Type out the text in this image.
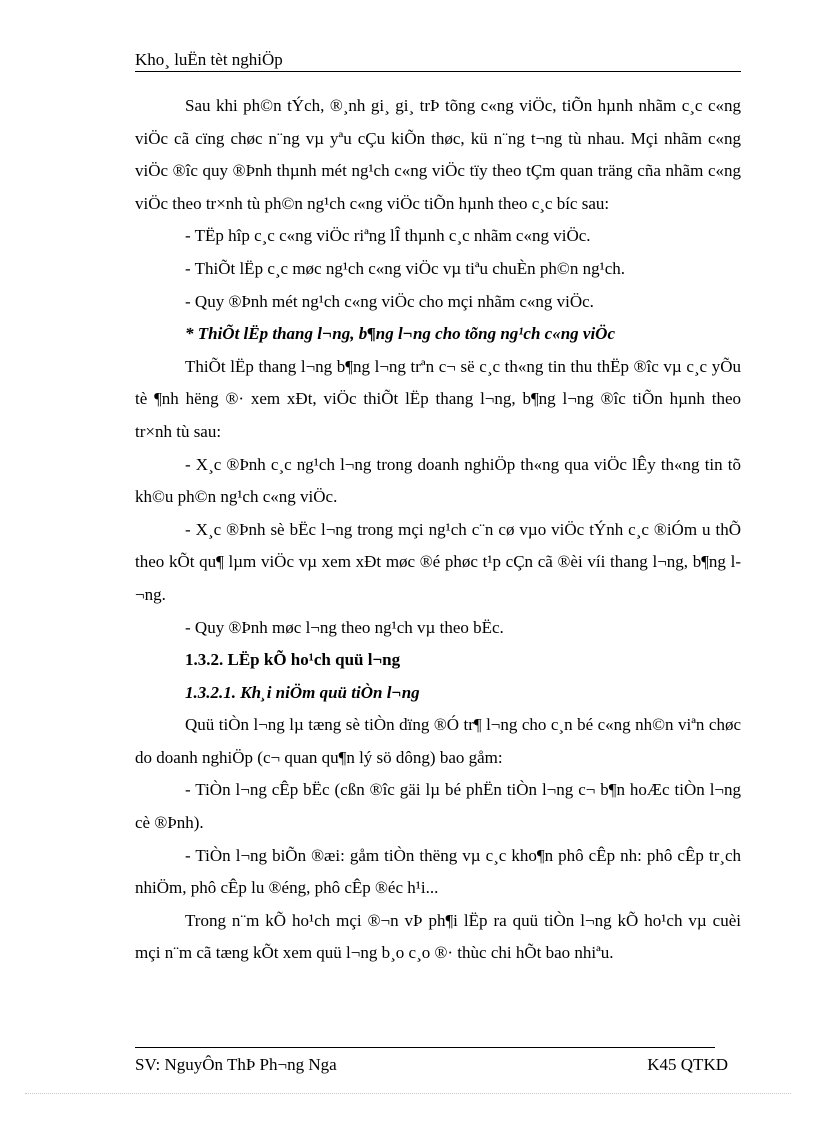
Kho¸ luËn tèt nghiÖp

Sau khi ph©n tÝch, ®¸nh gi¸ gi¸ trÞ tõng c«ng viÖc, tiÕn hµnh nhãm c¸c c«ng viÖc cã cïng chøc n¨ng vµ yªu cÇu kiÕn thøc, kü n¨ng t¬ng tù nhau. Mçi nhãm c«ng viÖc ®îc quy ®Þnh thµnh mét ng¹ch c«ng viÖc tïy theo tÇm quan träng cña nhãm c«ng viÖc theo tr×nh tù ph©n ng¹ch c«ng viÖc tiÕn hµnh theo c¸c bíc sau:

- TËp hîp c¸c c«ng viÖc riªng lÎ thµnh c¸c nhãm c«ng viÖc.

- ThiÕt lËp c¸c møc ng¹ch c«ng viÖc vµ tiªu chuÈn ph©n ng¹ch.

- Quy ®Þnh mét ng¹ch c«ng viÖc cho mçi nhãm c«ng viÖc.

* ThiÕt lËp thang l¬ng, b¶ng l¬ng cho tõng ng¹ch c«ng viÖc

ThiÕt lËp thang l¬ng b¶ng l¬ng trªn c¬ së c¸c th«ng tin thu thËp ®îc vµ c¸c yÕu tè ¶nh hëng ®· xem xÐt, viÖc thiÕt lËp thang l¬ng, b¶ng l¬ng ®îc tiÕn hµnh theo tr×nh tù sau:

- X¸c ®Þnh c¸c ng¹ch l¬ng trong doanh nghiÖp th«ng qua viÖc lÊy th«ng tin tõ kh©u ph©n ng¹ch c«ng viÖc.

- X¸c ®Þnh sè bËc l¬ng trong mçi ng¹ch c¨n cø vµo viÖc tÝnh c¸c ®iÓm u thÕ theo kÕt qu¶ lµm viÖc vµ xem xÐt møc ®é phøc t¹p cÇn cã ®èi víi thang l¬ng, b¶ng l¬ng.

- Quy ®Þnh møc l¬ng theo ng¹ch vµ theo bËc.

1.3.2. LËp kÕ ho¹ch quü l¬ng

1.3.2.1. Kh¸i niÖm quü tiÒn l¬ng

Quü tiÒn l¬ng lµ tæng sè tiÒn dïng ®Ó tr¶ l¬ng cho c¸n bé c«ng nh©n viªn chøc do doanh nghiÖp (c¬ quan qu¶n lý sö dông) bao gåm:

- TiÒn l¬ng cÊp bËc (cßn ®îc gäi lµ bé phËn tiÒn l¬ng c¬ b¶n hoÆc tiÒn l¬ng cè ®Þnh).

- TiÒn l¬ng biÕn ®æi: gåm tiÒn thëng vµ c¸c kho¶n phô cÊp nh: phô cÊp tr¸ch nhiÖm, phô cÊp lu ®éng, phô cÊp ®éc h¹i...

Trong n¨m kÕ ho¹ch mçi ®¬n vÞ ph¶i lËp ra quü tiÒn l¬ng kÕ ho¹ch vµ cuèi mçi n¨m cã tæng kÕt xem quü l¬ng b¸o c¸o ®· thùc chi hÕt bao nhiªu.

SV: NguyÔn ThÞ Ph¬ng Nga	K45 QTKD
